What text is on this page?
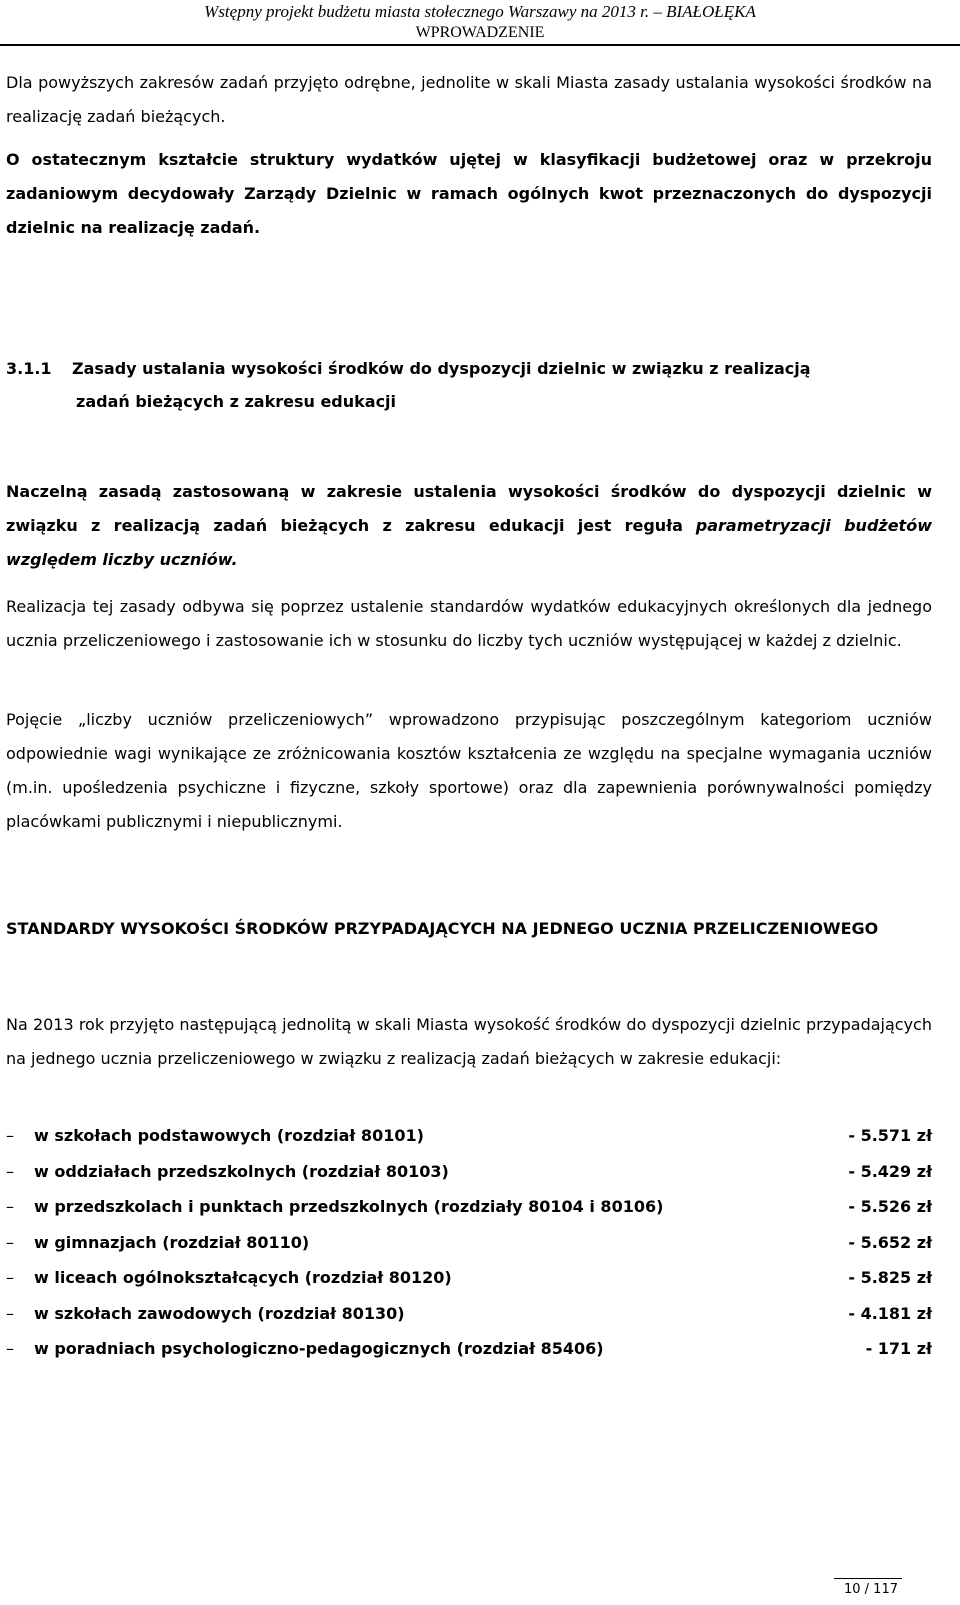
Wstępny projekt budżetu miasta stołecznego Warszawy na 2013 r. – BIAŁOŁĘKA
WPROWADZENIE

Dla powyższych zakresów zadań przyjęto odrębne, jednolite w skali Miasta zasady ustalania wysokości środków na realizację zadań bieżących.

O ostatecznym kształcie struktury wydatków ujętej w klasyfikacji budżetowej oraz w przekroju zadaniowym decydowały Zarządy Dzielnic w ramach ogólnych kwot przeznaczonych do dyspozycji dzielnic na realizację zadań.

3.1.1 Zasady ustalania wysokości środków do dyspozycji dzielnic w związku z realizacją
zadań bieżących z zakresu edukacji

Naczelną zasadą zastosowaną w zakresie ustalenia wysokości środków do dyspozycji dzielnic w związku z realizacją zadań bieżących z zakresu edukacji jest reguła parametryzacji budżetów względem liczby uczniów.

Realizacja tej zasady odbywa się poprzez ustalenie standardów wydatków edukacyjnych określonych dla jednego ucznia przeliczeniowego i zastosowanie ich w stosunku do liczby tych uczniów występującej w każdej z dzielnic.

Pojęcie „liczby uczniów przeliczeniowych” wprowadzono przypisując poszczególnym kategoriom uczniów odpowiednie wagi wynikające ze zróżnicowania kosztów kształcenia ze względu na specjalne wymagania uczniów (m.in. upośledzenia psychiczne i fizyczne, szkoły sportowe) oraz dla zapewnienia porównywalności pomiędzy placówkami publicznymi i niepublicznymi.

STANDARDY WYSOKOŚCI ŚRODKÓW PRZYPADAJĄCYCH NA JEDNEGO UCZNIA PRZELICZENIOWEGO

Na 2013 rok przyjęto następującą jednolitą w skali Miasta wysokość środków do dyspozycji dzielnic przypadających na jednego ucznia przeliczeniowego w związku z realizacją zadań bieżących w zakresie edukacji:

– w szkołach podstawowych (rozdział 80101)	- 5.571 zł
– w oddziałach przedszkolnych (rozdział 80103)	- 5.429 zł
– w przedszkolach i punktach przedszkolnych (rozdziały 80104 i 80106)	- 5.526 zł
– w gimnazjach (rozdział 80110)	- 5.652 zł
– w liceach ogólnokształcących (rozdział 80120)	- 5.825 zł
– w szkołach zawodowych (rozdział 80130)	- 4.181 zł
– w poradniach psychologiczno-pedagogicznych (rozdział 85406)	- 171 zł
10 / 117
